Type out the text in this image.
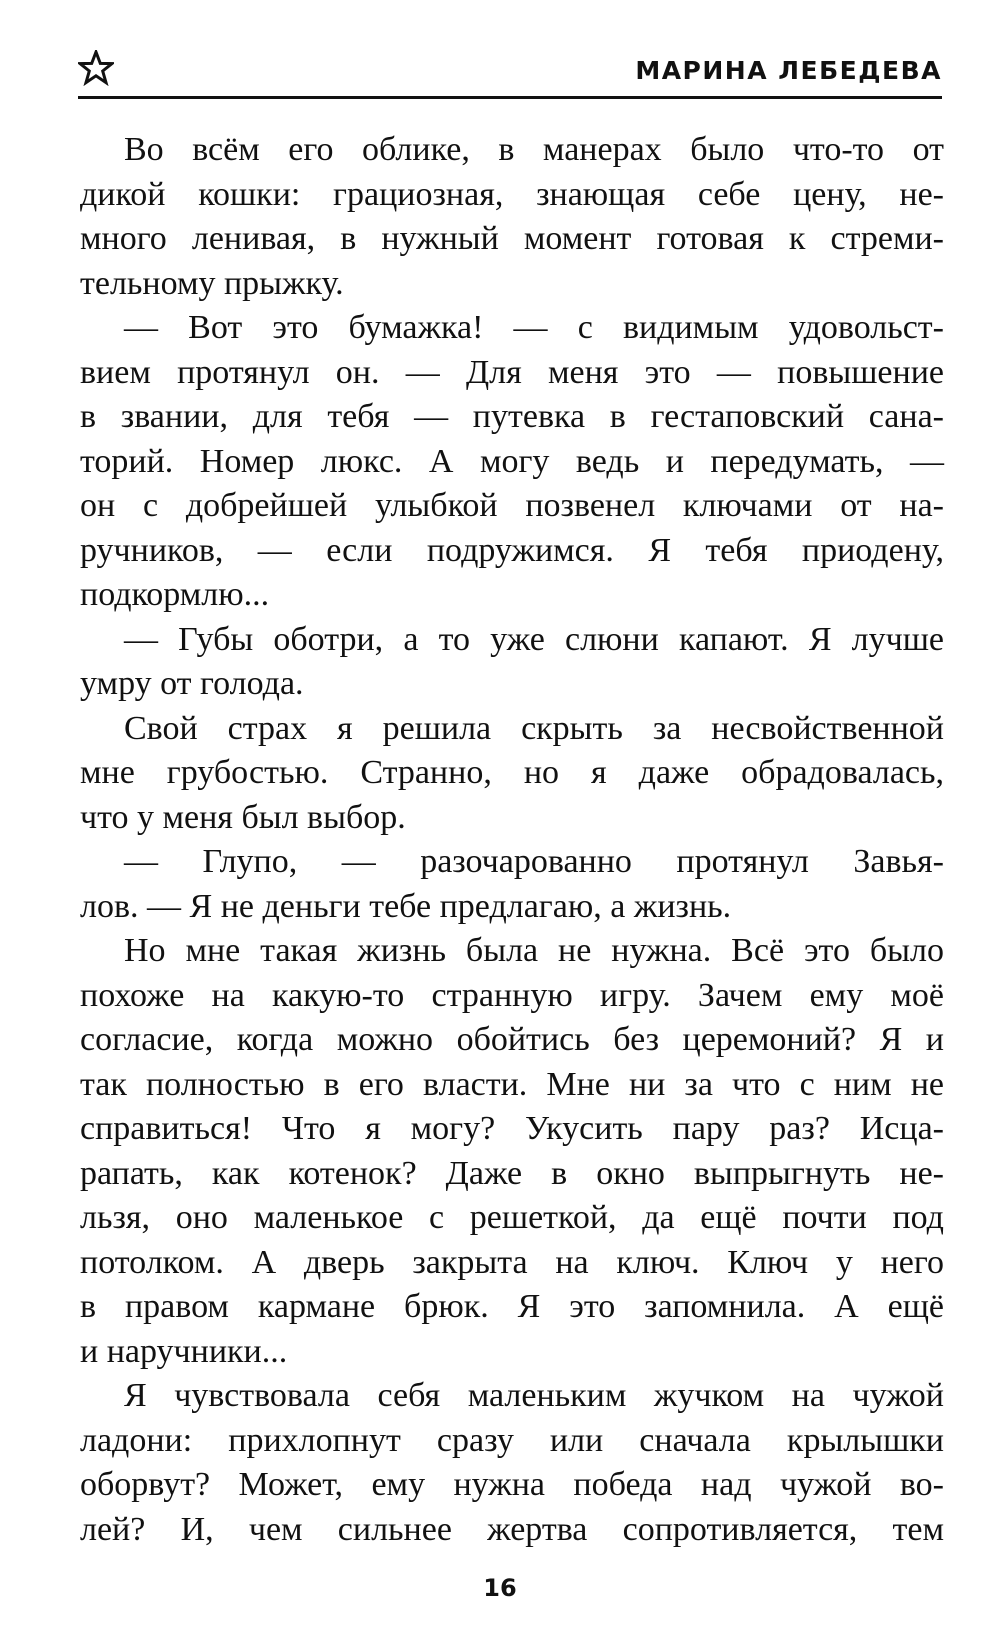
МАРИНА ЛЕБЕДЕВА
Во всём его облике, в манерах было что-то от
дикой кошки: грациозная, знающая себе цену, не-
много ленивая, в нужный момент готовая к стреми-
тельному прыжку.
— Вот это бумажка! — с видимым удовольст-
вием протянул он. — Для меня это — повышение
в звании, для тебя — путевка в гестаповский сана-
торий. Номер люкс. А могу ведь и передумать, —
он с добрейшей улыбкой позвенел ключами от на-
ручников, — если подружимся. Я тебя приодену,
подкормлю...
— Губы оботри, а то уже слюни капают. Я лучше
умру от голода.
Свой страх я решила скрыть за несвойственной
мне грубостью. Странно, но я даже обрадовалась,
что у меня был выбор.
— Глупо, — разочарованно протянул Завья-
лов. — Я не деньги тебе предлагаю, а жизнь.
Но мне такая жизнь была не нужна. Всё это было
похоже на какую-то странную игру. Зачем ему моё
согласие, когда можно обойтись без церемоний? Я и
так полностью в его власти. Мне ни за что с ним не
справиться! Что я могу? Укусить пару раз? Исца-
рапать, как котенок? Даже в окно выпрыгнуть не-
льзя, оно маленькое с решеткой, да ещё почти под
потолком. А дверь закрыта на ключ. Ключ у него
в правом кармане брюк. Я это запомнила. А ещё
и наручники...
Я чувствовала себя маленьким жучком на чужой
ладони: прихлопнут сразу или сначала крылышки
оборвут? Может, ему нужна победа над чужой во-
лей? И, чем сильнее жертва сопротивляется, тем
16
